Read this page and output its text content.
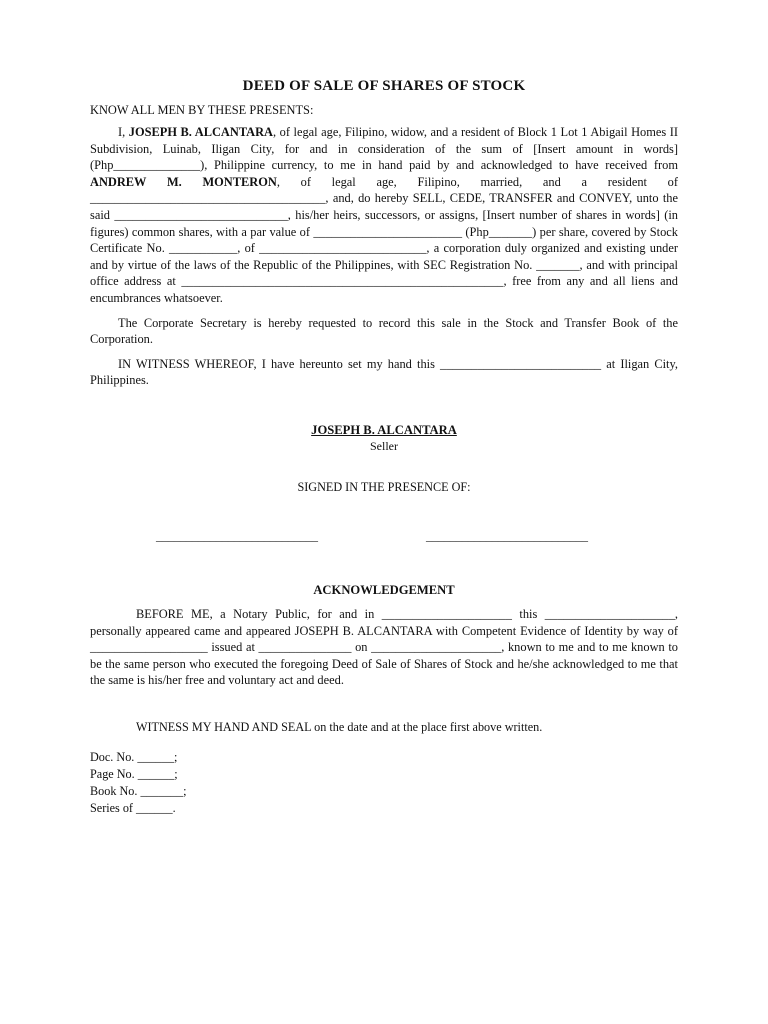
DEED OF SALE OF SHARES OF STOCK

KNOW ALL MEN BY THESE PRESENTS:

I, JOSEPH B. ALCANTARA, of legal age, Filipino, widow, and a resident of Block 1 Lot 1 Abigail Homes II Subdivision, Luinab, Iligan City, for and in consideration of the sum of [Insert amount in words] (Php______________), Philippine currency, to me in hand paid by and acknowledged to have received from ANDREW M. MONTERON, of legal age, Filipino, married, and a resident of ______________________________________, and, do hereby SELL, CEDE, TRANSFER and CONVEY, unto the said ____________________________, his/her heirs, successors, or assigns, [Insert number of shares in words] (in figures) common shares, with a par value of ________________________ (Php_______) per share, covered by Stock Certificate No. ___________, of ___________________________, a corporation duly organized and existing under and by virtue of the laws of the Republic of the Philippines, with SEC Registration No. _______, and with principal office address at ____________________________________________________, free from any and all liens and encumbrances whatsoever.

The Corporate Secretary is hereby requested to record this sale in the Stock and Transfer Book of the Corporation.

IN WITNESS WHEREOF, I have hereunto set my hand this __________________________ at Iligan City, Philippines.

JOSEPH B. ALCANTARA
Seller
SIGNED IN THE PRESENCE OF:
___________________________	___________________________
ACKNOWLEDGEMENT

BEFORE ME, a Notary Public, for and in _____________________ this _____________________, personally appeared came and appeared JOSEPH B. ALCANTARA with Competent Evidence of Identity by way of ___________________ issued at _______________ on _____________________, known to me and to me known to be the same person who executed the foregoing Deed of Sale of Shares of Stock and he/she acknowledged to me that the same is his/her free and voluntary act and deed.

WITNESS MY HAND AND SEAL on the date and at the place first above written.

Doc. No. ______;
Page No. ______;
Book No. _______;
Series of ______.
